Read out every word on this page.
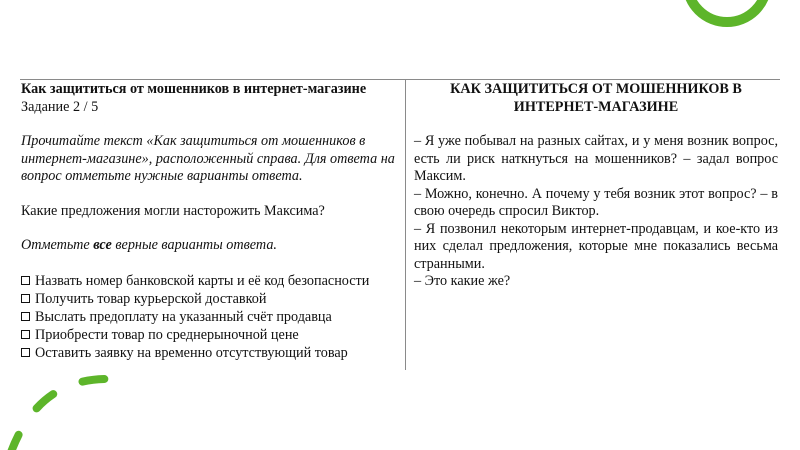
Как защититься от мошенников в интернет-магазине
Задание 2 / 5
Прочитайте текст «Как защититься от мошенников в интернет-магазине», расположенный справа. Для ответа на вопрос отметьте нужные варианты ответа.
Какие предложения могли насторожить Максима?
Отметьте все верные варианты ответа.
Назвать номер банковской карты и её код безопасности
Получить товар курьерской доставкой
Выслать предоплату на указанный счёт продавца
Приобрести товар по среднерыночной цене
Оставить заявку на временно отсутствующий товар
КАК ЗАЩИТИТЬСЯ ОТ МОШЕННИКОВ В ИНТЕРНЕТ-МАГАЗИНЕ

– Я уже побывал на разных сайтах, и у меня возник вопрос, есть ли риск наткнуться на мошенников? – задал вопрос Максим.

– Можно, конечно. А почему у тебя возник этот вопрос? – в свою очередь спросил Виктор.

– Я позвонил некоторым интернет-продавцам, и кое-кто из них сделал предложения, которые мне показались весьма странными.

– Это какие же?
